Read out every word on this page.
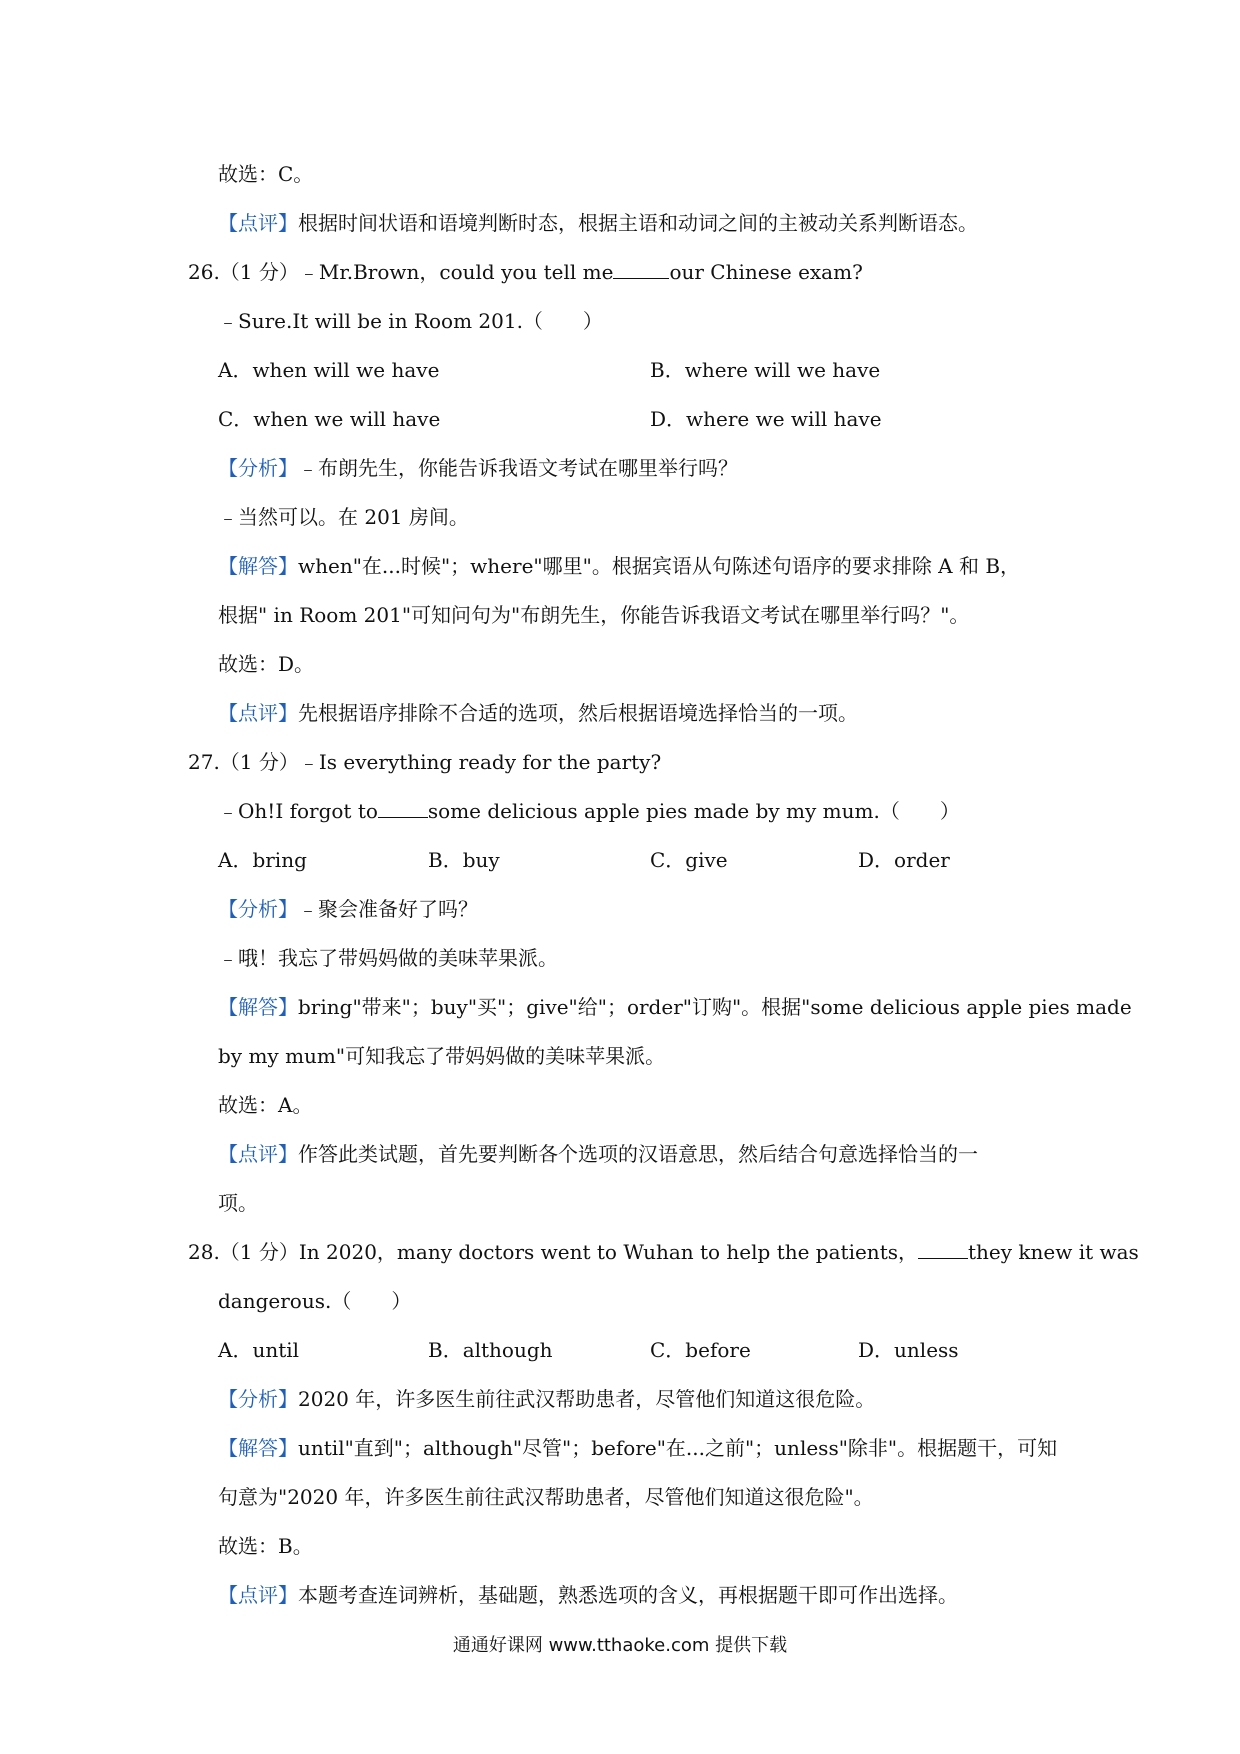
故选：C。
【点评】根据时间状语和语境判断时态，根据主语和动词之间的主被动关系判断语态。
26.（1 分）﹣Mr.Brown，could you tell me	our Chinese exam?
﹣Sure.It will be in Room 201.（　　）
A．when will we have	B．where will we have
C．when we will have	D．where we will have
【分析】﹣布朗先生，你能告诉我语文考试在哪里举行吗？
﹣当然可以。在 201 房间。
【解答】when"在...时候"；where"哪里"。根据宾语从句陈述句语序的要求排除 A 和 B，
根据" in Room 201"可知问句为"布朗先生，你能告诉我语文考试在哪里举行吗？"。
故选：D。
【点评】先根据语序排除不合适的选项，然后根据语境选择恰当的一项。
27.（1 分）﹣Is everything ready for the party?
﹣Oh!I forgot to	some delicious apple pies made by my mum.（　　）
A．bring	B．buy	C．give	D．order
【分析】﹣聚会准备好了吗？
﹣哦！我忘了带妈妈做的美味苹果派。
【解答】bring"带来"；buy"买"；give"给"；order"订购"。根据"some delicious apple pies made
by my mum"可知我忘了带妈妈做的美味苹果派。
故选：A。
【点评】作答此类试题，首先要判断各个选项的汉语意思，然后结合句意选择恰当的一
项。
28.（1 分）In 2020，many doctors went to Wuhan to help the patients，	they knew it was
dangerous.（　　）
A．until	B．although	C．before	D．unless
【分析】2020 年，许多医生前往武汉帮助患者，尽管他们知道这很危险。
【解答】until"直到"；although"尽管"；before"在...之前"；unless"除非"。根据题干，可知
句意为"2020 年，许多医生前往武汉帮助患者，尽管他们知道这很危险"。
故选：B。
【点评】本题考查连词辨析，基础题，熟悉选项的含义，再根据题干即可作出选择。
通通好课网 www.tthaoke.com 提供下载
